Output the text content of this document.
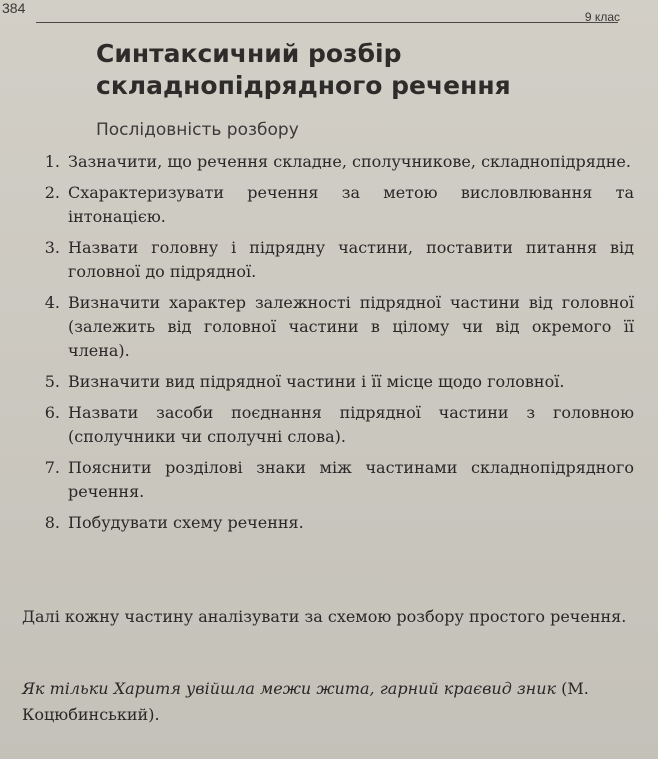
384
9 клас
Синтаксичний розбір складнопідрядного речення
Послідовність розбору
1. Зазначити, що речення складне, сполучникове, складнопідрядне.
2. Схарактеризувати речення за метою висловлювання та інтонацією.
3. Назвати головну і підрядну частини, поставити питання від головної до підрядної.
4. Визначити характер залежності підрядної частини від головної (залежить від головної частини в цілому чи від окремого її члена).
5. Визначити вид підрядної частини і її місце щодо головної.
6. Назвати засоби поєднання підрядної частини з головною (сполучники чи сполучні слова).
7. Пояснити розділові знаки між частинами складнопідрядного речення.
8. Побудувати схему речення.
Далі кожну частину аналізувати за схемою розбору простого речення.
Як тільки Харитя увійшла межи жита, гарний краєвид зник (М. Коцюбинський).
